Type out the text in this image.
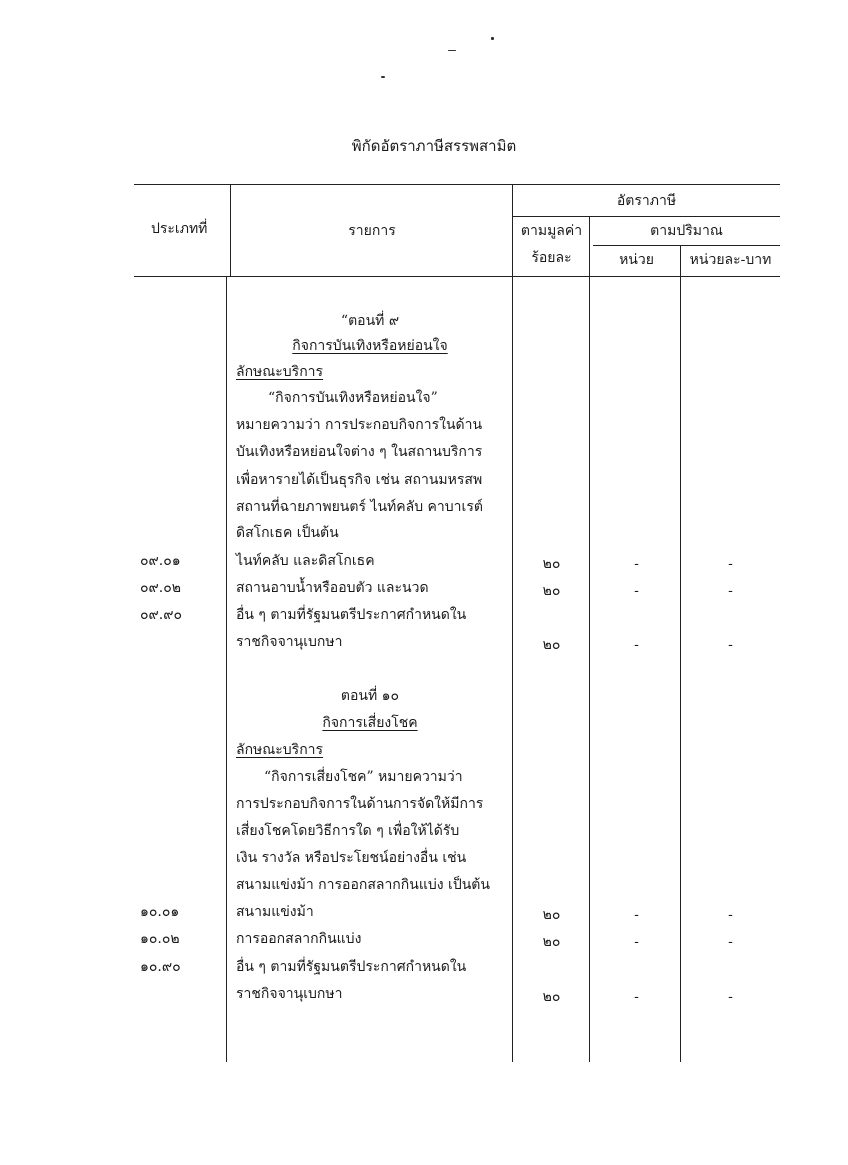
พิกัดอัตราภาษีสรรพสามิต
ประเภทที่	รายการ
อัตราภาษี
ตามมูลค่า
ร้อยละ
ตามปริมาณ
หน่วย	หน่วยละ-บาท
“ตอนที่ ๙
กิจการบันเทิงหรือหย่อนใจ
ลักษณะบริการ
“กิจการบันเทิงหรือหย่อนใจ”
หมายความว่า การประกอบกิจการในด้าน
บันเทิงหรือหย่อนใจต่าง ๆ ในสถานบริการ
เพื่อหารายได้เป็นธุรกิจ เช่น สถานมหรสพ
สถานที่ฉายภาพยนตร์ ไนท์คลับ คาบาเรต์
ดิสโกเธค เป็นต้น
๐๙.๐๑	ไนท์คลับ และดิสโกเธค	๒๐	-	-
๐๙.๐๒	สถานอาบน้ำหรืออบตัว และนวด	๒๐	-	-
๐๙.๙๐	อื่น ๆ ตามที่รัฐมนตรีประกาศกำหนดใน
ราชกิจจานุเบกษา	๒๐	-	-
ตอนที่ ๑๐
กิจการเสี่ยงโชค
ลักษณะบริการ
“กิจการเสี่ยงโชค” หมายความว่า
การประกอบกิจการในด้านการจัดให้มีการ
เสี่ยงโชคโดยวิธีการใด ๆ เพื่อให้ได้รับ
เงิน รางวัล หรือประโยชน์อย่างอื่น เช่น
สนามแข่งม้า การออกสลากกินแบ่ง เป็นต้น
๑๐.๐๑	สนามแข่งม้า	๒๐	-	-
๑๐.๐๒	การออกสลากกินแบ่ง	๒๐	-	-
๑๐.๙๐	อื่น ๆ ตามที่รัฐมนตรีประกาศกำหนดใน
ราชกิจจานุเบกษา	๒๐	-	-
